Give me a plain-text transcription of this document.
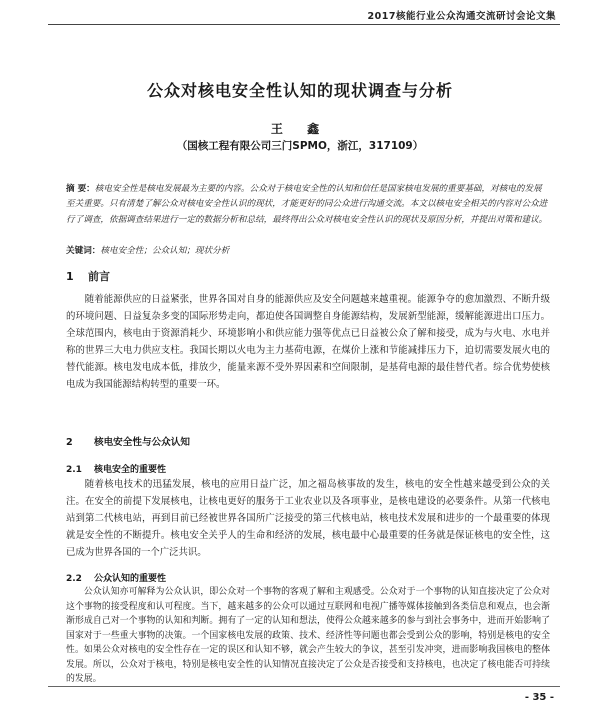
2017核能行业公众沟通交流研讨会论文集
公众对核电安全性认知的现状调查与分析
王 鑫
（国核工程有限公司三门SPMO，浙江，317109）
摘 要：核电安全性是核电发展最为主要的内容。公众对于核电安全性的认知和信任是国家核电发展的重要基础，对核电的发展至关重要。只有清楚了解公众对核电安全性认识的现状，才能更好的同公众进行沟通交流。本文以核电安全相关的内容对公众进行了调查，依据调查结果进行一定的数据分析和总结，最终得出公众对核电安全性认识的现状及原因分析，并提出对策和建议。
关键词：核电安全性；公众认知；现状分析
1 前言

随着能源供应的日益紧张，世界各国对自身的能源供应及安全问题越来越重视。能源争夺的愈加激烈、不断升级的环境问题、日益复杂多变的国际形势走向，都迫使各国调整自身能源结构，发展新型能源，缓解能源进出口压力。全球范围内，核电由于资源消耗少、环境影响小和供应能力强等优点已日益被公众了解和接受，成为与火电、水电并称的世界三大电力供应支柱。我国长期以火电为主力基荷电源，在煤价上涨和节能减排压力下，迫切需要发展火电的替代能源。核电发电成本低，排放少，能量来源不受外界因素和空间限制，是基荷电源的最佳替代者。综合优势使核电成为我国能源结构转型的重要一环。

2 核电安全性与公众认知
2.1 核电安全的重要性

随着核电技术的迅猛发展，核电的应用日益广泛，加之福岛核事故的发生，核电的安全性越来越受到公众的关注。在安全的前提下发展核电，让核电更好的服务于工业农业以及各项事业，是核电建设的必要条件。从第一代核电站到第二代核电站，再到目前已经被世界各国所广泛接受的第三代核电站，核电技术发展和进步的一个最重要的体现就是安全性的不断提升。核电安全关乎人的生命和经济的发展，核电最中心最重要的任务就是保证核电的安全性，这已成为世界各国的一个广泛共识。

2.2 公众认知的重要性

公众认知亦可解释为公众认识，即公众对一个事物的客观了解和主观感受。公众对于一个事物的认知直接决定了公众对这个事物的接受程度和认可程度。当下，越来越多的公众可以通过互联网和电视广播等媒体接触到各类信息和观点，也会渐渐形成自己对一个事物的认知和判断。拥有了一定的认知和想法，使得公众越来越多的参与到社会事务中，进而开始影响了国家对于一些重大事物的决策。一个国家核电发展的政策、技术、经济性等问题也都会受到公众的影响，特别是核电的安全性。如果公众对核电的安全性存在一定的误区和认知不够，就会产生较大的争议，甚至引发冲突，进而影响我国核电的整体发展。所以，公众对于核电，特别是核电安全性的认知情况直接决定了公众是否接受和支持核电，也决定了核电能否可持续的发展。

- 35 -
